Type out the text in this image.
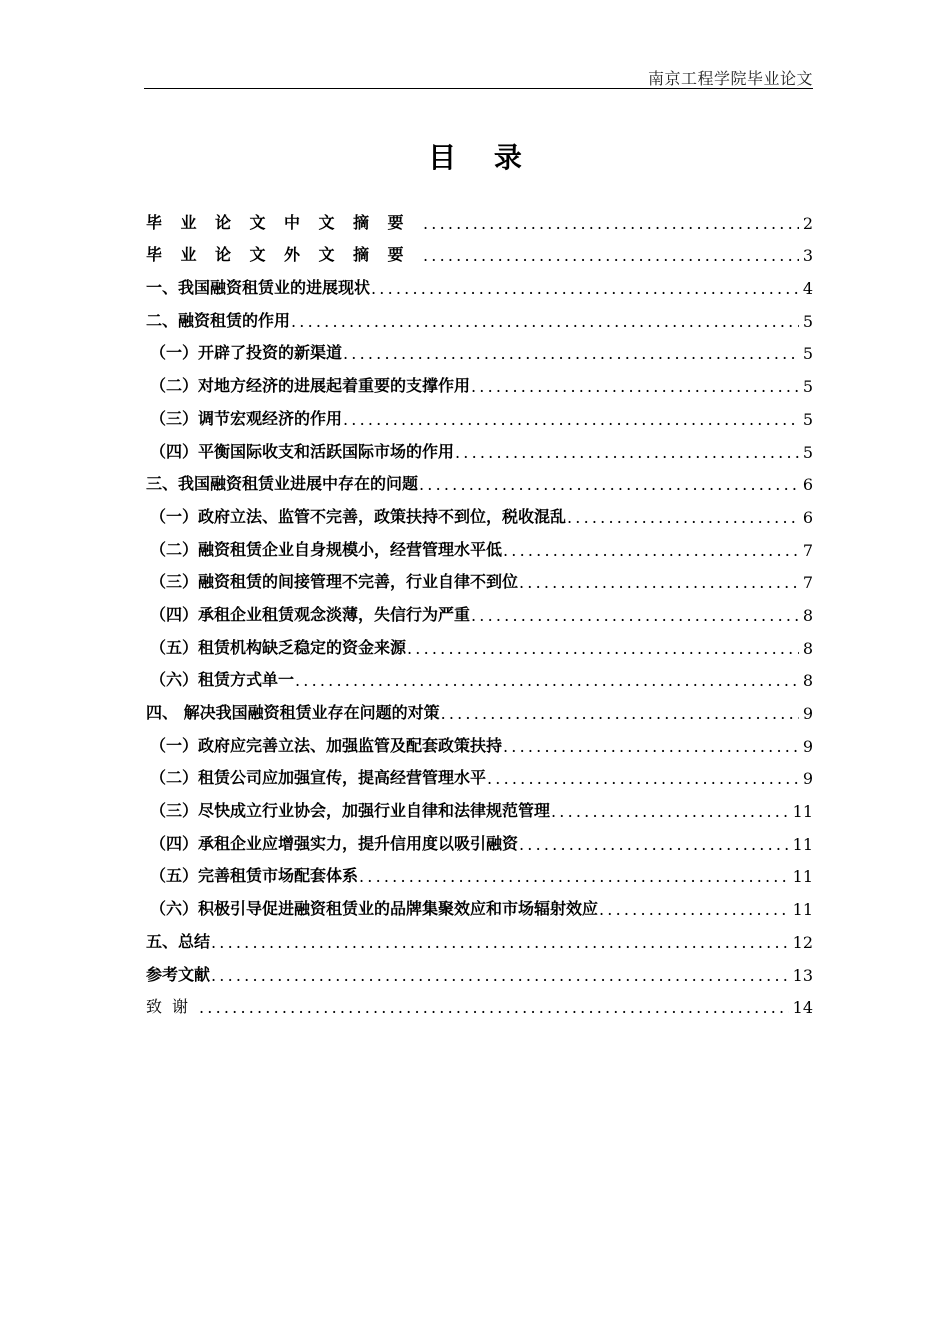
南京工程学院毕业论文
目 录
毕业论文中文摘要 .....	2
毕业论文外文摘要 .....	3
一、我国融资租赁业的进展现状 .....	4
二、融资租赁的作用 .....	5
（一）开辟了投资的新渠道 .....	5
（二）对地方经济的进展起着重要的支撑作用 .....	5
（三）调节宏观经济的作用 .....	5
（四）平衡国际收支和活跃国际市场的作用 .....	5
三、我国融资租赁业进展中存在的问题 .....	6
（一）政府立法、监管不完善，政策扶持不到位，税收混乱 .....	6
（二）融资租赁企业自身规模小，经营管理水平低 .....	7
（三）融资租赁的间接管理不完善，行业自律不到位 .....	7
（四）承租企业租赁观念淡薄，失信行为严重 .....	8
（五）租赁机构缺乏稳定的资金来源 .....	8
（六）租赁方式单一 .....	8
四、 解决我国融资租赁业存在问题的对策 .....	9
（一）政府应完善立法、加强监管及配套政策扶持 .....	9
（二）租赁公司应加强宣传，提高经营管理水平 .....	9
（三）尽快成立行业协会，加强行业自律和法律规范管理 .....	11
（四）承租企业应增强实力，提升信用度以吸引融资 .....	11
（五）完善租赁市场配套体系 .....	11
（六）积极引导促进融资租赁业的品牌集聚效应和市场辐射效应 .....	11
五、总结 .....	12
参考文献 .....	13
致谢 .....	14
